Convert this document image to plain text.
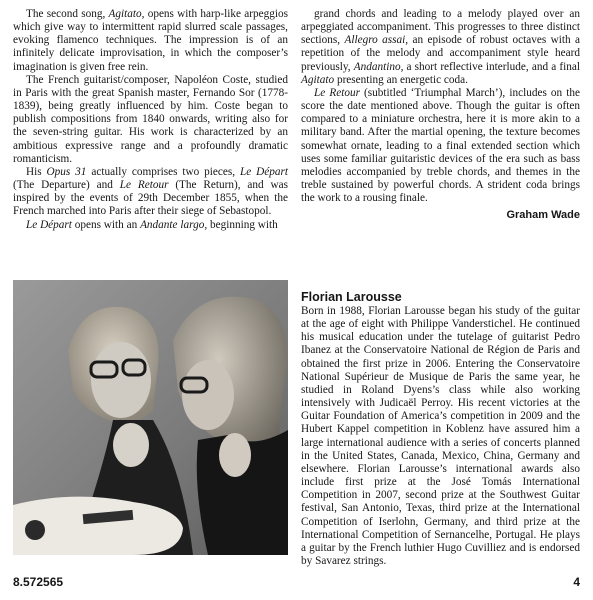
The second song, Agitato, opens with harp-like arpeggios which give way to intermittent rapid slurred scale passages, evoking flamenco techniques. The impression is of an infinitely delicate improvisation, in which the composer’s imagination is given free rein.

The French guitarist/composer, Napoléon Coste, studied in Paris with the great Spanish master, Fernando Sor (1778-1839), being greatly influenced by him. Coste began to publish compositions from 1840 onwards, writing also for the seven-string guitar. His work is characterized by an ambitious expressive range and a profoundly dramatic romanticism.

His Opus 31 actually comprises two pieces, Le Départ (The Departure) and Le Retour (The Return), and was inspired by the events of 29th December 1855, when the French marched into Paris after their siege of Sebastopol.

Le Départ opens with an Andante largo, beginning with

grand chords and leading to a melody played over an arpeggiated accompaniment. This progresses to three distinct sections, Allegro assai, an episode of robust octaves with a repetition of the melody and accompaniment style heard previously, Andantino, a short reflective interlude, and a final Agitato presenting an energetic coda.

Le Retour (subtitled ‘Triumphal March’), includes on the score the date mentioned above. Though the guitar is often compared to a miniature orchestra, here it is more akin to a military band. After the martial opening, the texture becomes somewhat ornate, leading to a final extended section which uses some familiar guitaristic devices of the era such as bass melodies accompanied by treble chords, and themes in the treble sustained by powerful chords. A strident coda brings the work to a rousing finale.

Graham Wade
Florian Larousse

Born in 1988, Florian Larousse began his study of the guitar at the age of eight with Philippe Vanderstichel. He continued his musical education under the tutelage of guitarist Pedro Ibanez at the Conservatoire National de Région de Paris and obtained the first prize in 2006. Entering the Conservatoire National Supérieur de Musique de Paris the same year, he studied in Roland Dyens’s class while also working intensively with Judicaël Perroy. His recent victories at the Guitar Foundation of America’s competition in 2009 and the Hubert Kappel competition in Koblenz have assured him a large international audience with a series of concerts planned in the United States, Canada, Mexico, China, Germany and elsewhere. Florian Larousse’s international awards also include first prize at the José Tomás International Competition in 2007, second prize at the Southwest Guitar festival, San Antonio, Texas, third prize at the International Competition of Iserlohn, Germany, and third prize at the International Competition of Sernancelhe, Portugal. He plays a guitar by the French luthier Hugo Cuvilliez and is endorsed by Savarez strings.

8.572565	4
